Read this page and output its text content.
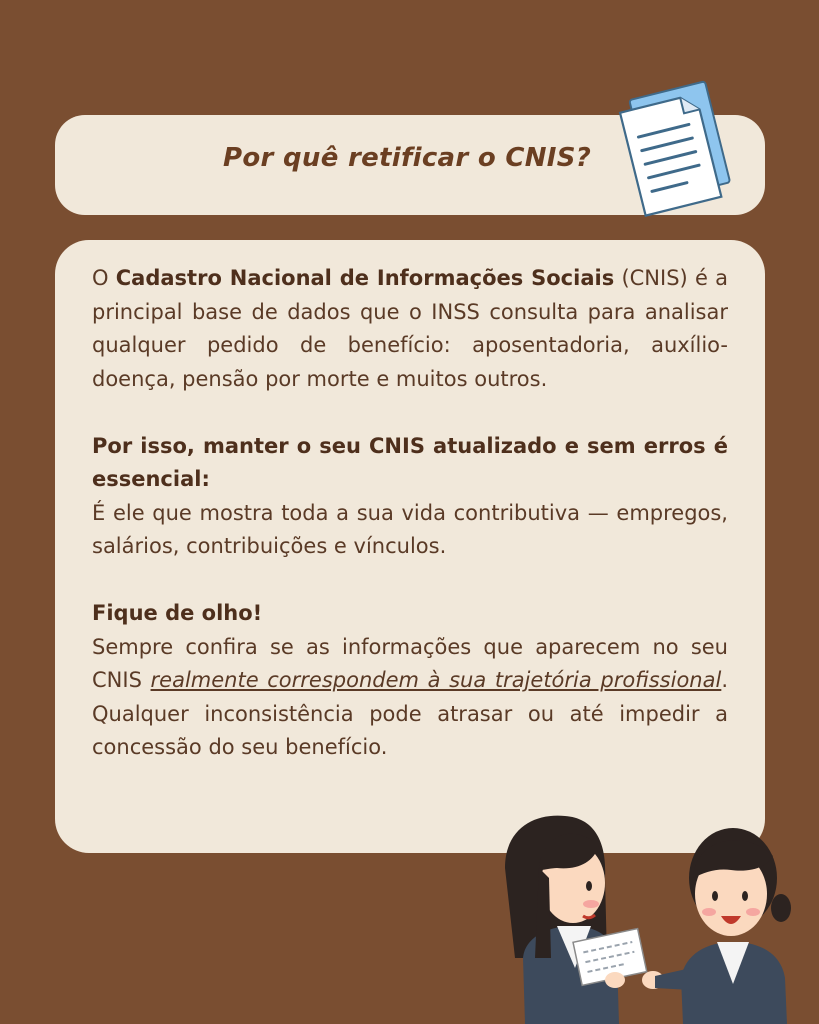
Por quê retificar o CNIS?

O Cadastro Nacional de Informações Sociais (CNIS) é a principal base de dados que o INSS consulta para analisar qualquer pedido de benefício: aposentadoria, auxílio-doença, pensão por morte e muitos outros.

Por isso, manter o seu CNIS atualizado e sem erros é essencial:
É ele que mostra toda a sua vida contributiva — empregos, salários, contribuições e vínculos.

Fique de olho!
Sempre confira se as informações que aparecem no seu CNIS realmente correspondem à sua trajetória profissional. Qualquer inconsistência pode atrasar ou até impedir a concessão do seu benefício.
